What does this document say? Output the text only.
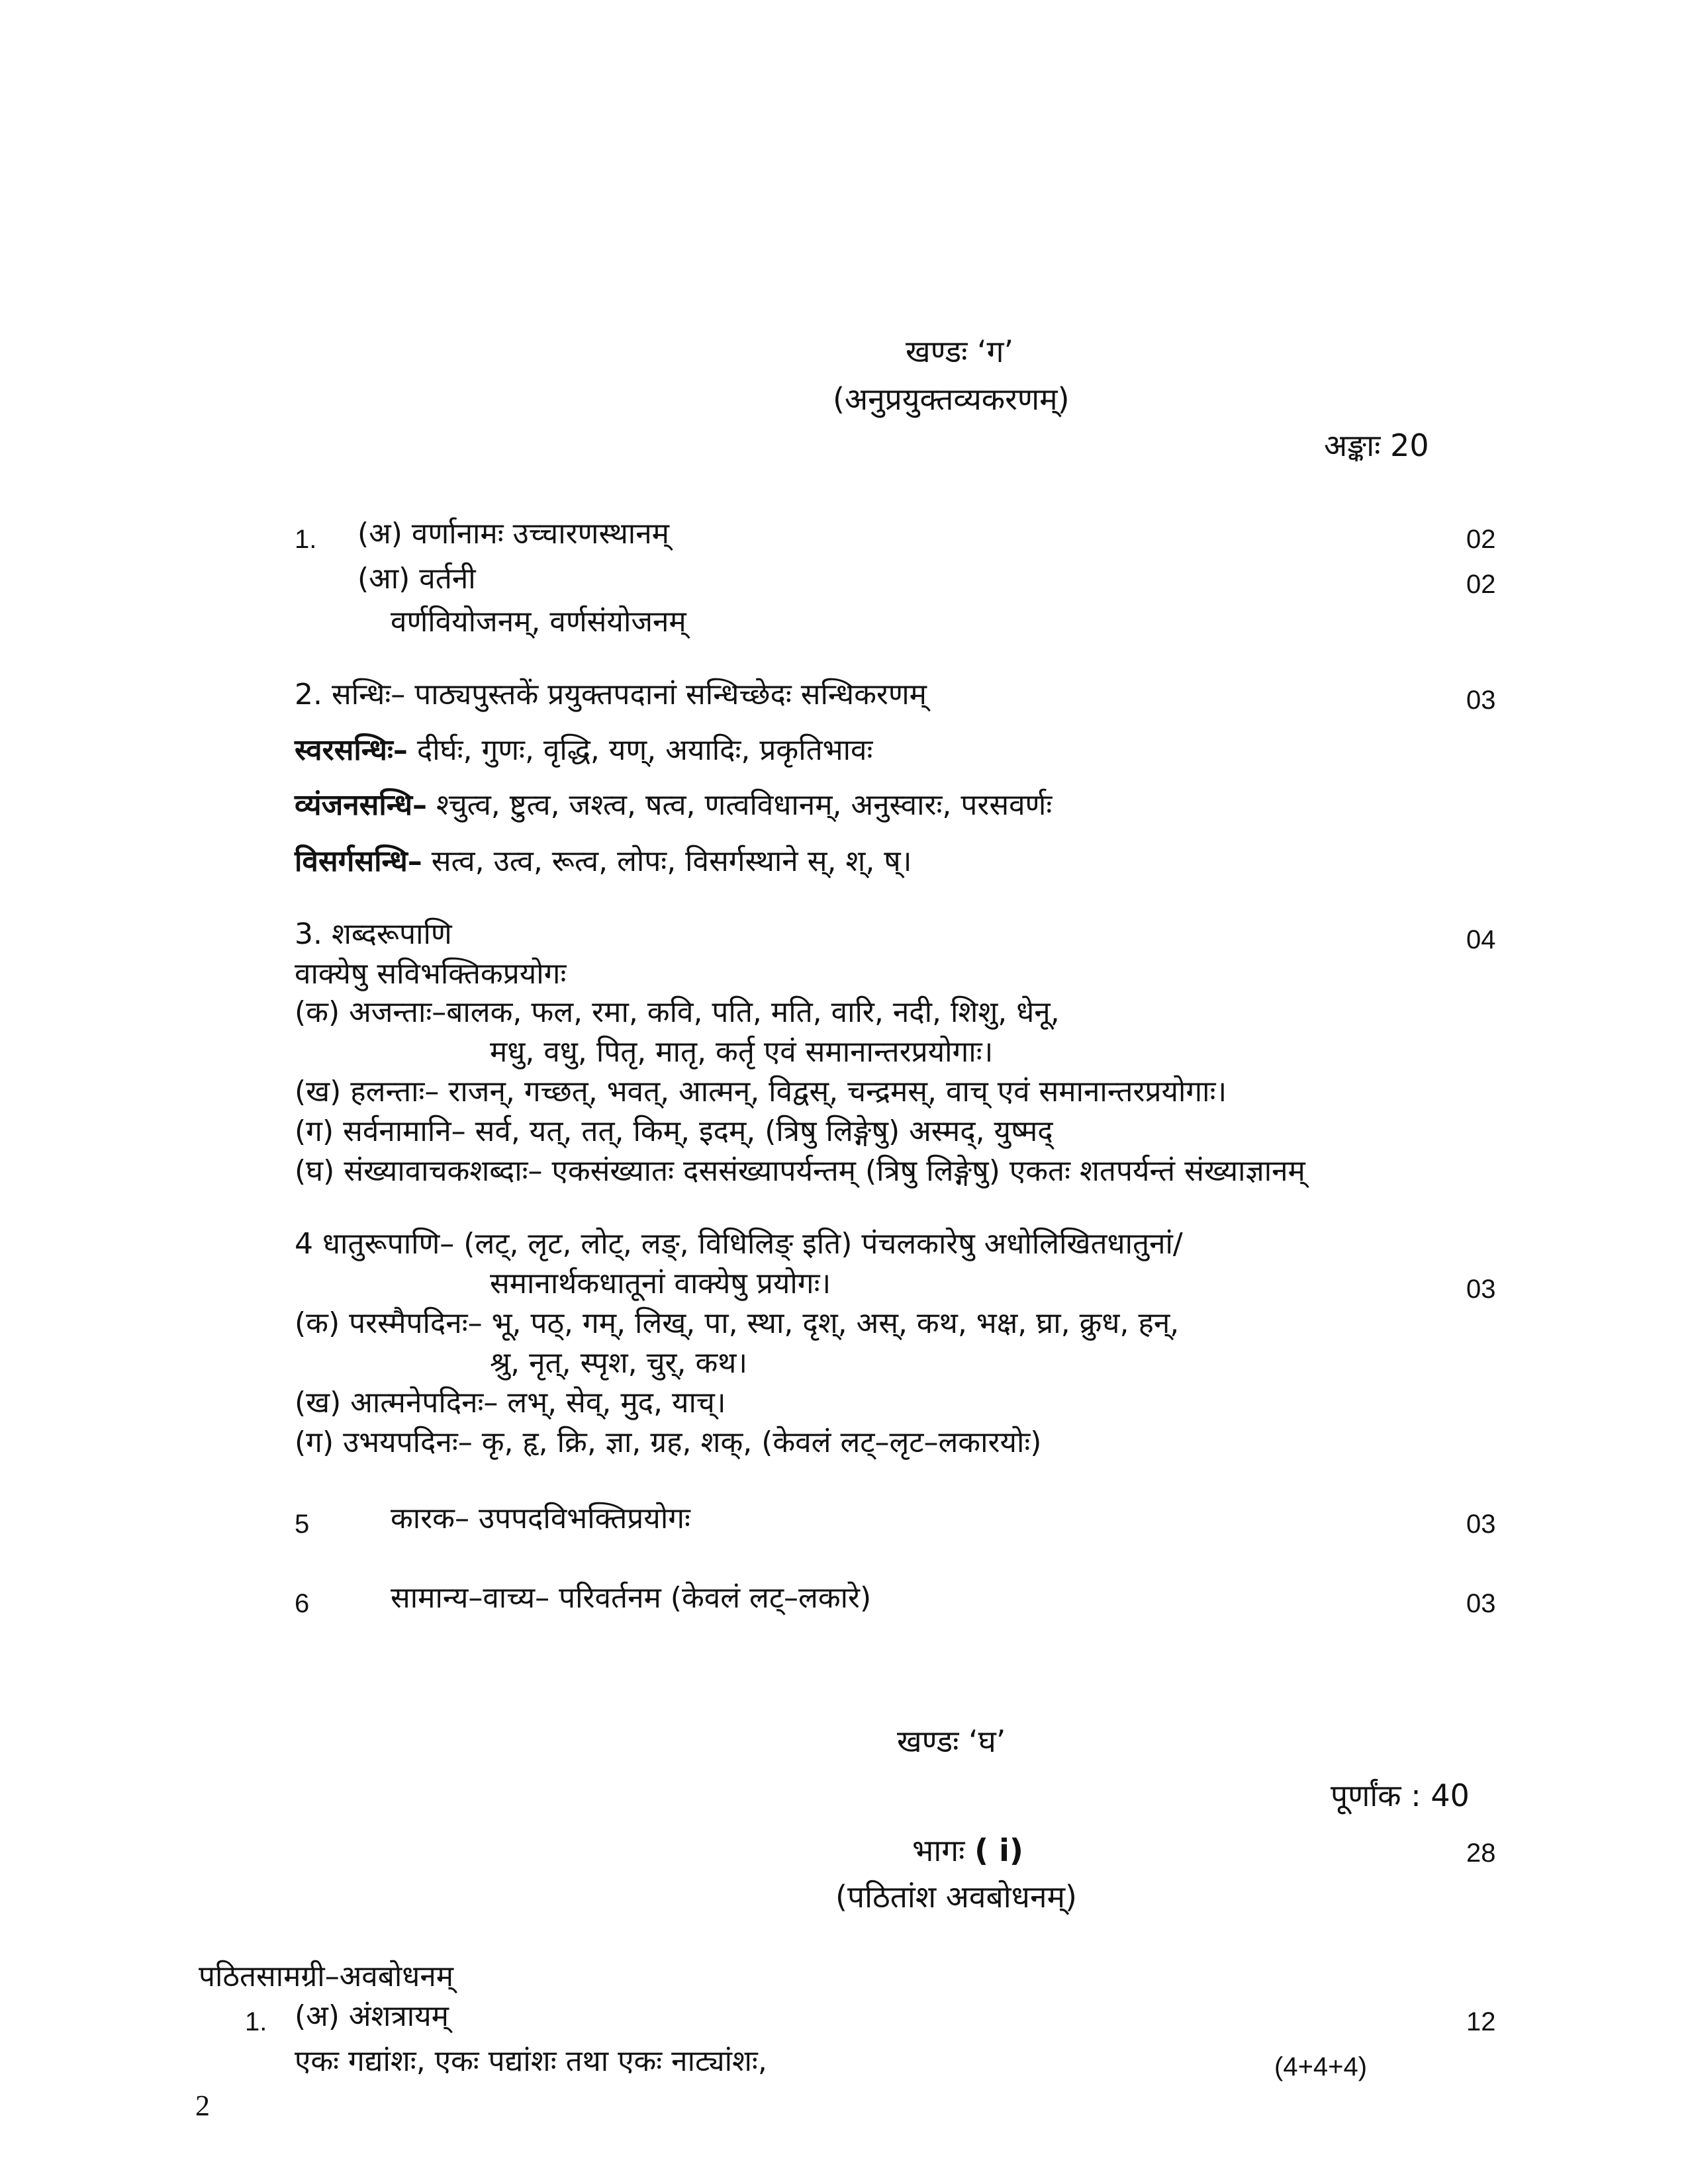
खण्डः ‘ग’
(अनुप्रयुक्तव्यकरणम्)
अङ्काः 20
1. (अ) वर्णानामः उच्चारणस्थानम्	02
(आ) वर्तनी	02
वर्णवियोजनम्, वर्णसंयोजनम्
2. सन्धिः– पाठ्यपुस्तकें प्रयुक्तपदानां सन्धिच्छेदः सन्धिकरणम्	03
स्वरसन्धिः– दीर्घः, गुणः, वृद्धि, यण्, अयादिः, प्रकृतिभावः
व्यंजनसन्धि– श्चुत्व, ष्टुत्व, जश्त्व, षत्व, णत्वविधानम्, अनुस्वारः, परसवर्णः
विसर्गसन्धि– सत्व, उत्व, रूत्व, लोपः, विसर्गस्थाने स्, श्, ष्।
3. शब्दरूपाणि	04
वाक्येषु सविभक्तिकप्रयोगः
(क) अजन्ताः–बालक, फल, रमा, कवि, पति, मति, वारि, नदी, शिशु, धेनू,
मधु, वधु, पितृ, मातृ, कर्तृ एवं समानान्तरप्रयोगाः।
(ख) हलन्ताः– राजन्, गच्छत्, भवत्, आत्मन्, विद्वस्, चन्द्रमस्, वाच् एवं समानान्तरप्रयोगाः।
(ग) सर्वनामानि– सर्व, यत्, तत्, किम्, इदम्, (त्रिषु लिङ्गेषु) अस्मद्, युष्मद्
(घ) संख्यावाचकशब्दाः– एकसंख्यातः दससंख्यापर्यन्तम् (त्रिषु लिङ्गेषु) एकतः शतपर्यन्तं संख्याज्ञानम्
4 धातुरूपाणि– (लट्, लृट, लोट्, लङ्, विधिलिङ् इति) पंचलकारेषु अधोलिखितधातुनां/
समानार्थकधातूनां वाक्येषु प्रयोगः।	03
(क) परस्मैपदिनः– भू, पठ्, गम्, लिख्, पा, स्था, दृश्, अस्, कथ, भक्ष, घ्रा, क्रुध, हन्,
श्रु, नृत्, स्पृश, चुर्, कथ।
(ख) आत्मनेपदिनः– लभ्, सेव्, मुद, याच्।
(ग) उभयपदिनः– कृ, हृ, क्रि, ज्ञा, ग्रह, शक्, (केवलं लट्–लृट–लकारयोः)
5	कारक– उपपदविभक्तिप्रयोगः	03
6	सामान्य–वाच्य– परिवर्तनम (केवलं लट्–लकारे)	03
खण्डः ‘घ’
पूर्णांक : 40
भागः ( i)	28
(पठितांश अवबोधनम्)
पठितसामग्री–अवबोधनम्
1. (अ) अंशत्रायम्	12
एकः गद्यांशः, एकः पद्यांशः तथा एकः नाट्यांशः,	(4+4+4)
2
